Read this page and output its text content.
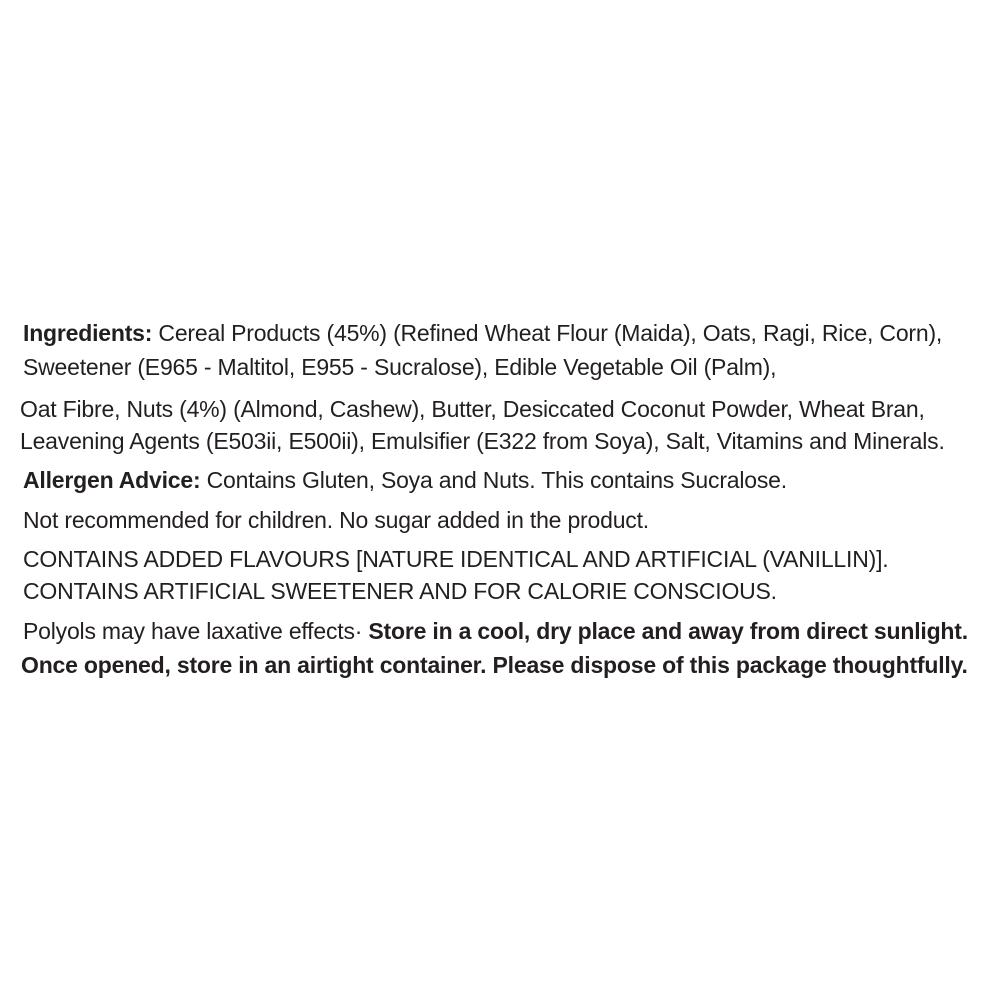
Ingredients: Cereal Products (45%) (Refined Wheat Flour (Maida), Oats, Ragi, Rice, Corn),
Sweetener (E965 - Maltitol, E955 - Sucralose), Edible Vegetable Oil (Palm),
Oat Fibre, Nuts (4%) (Almond, Cashew), Butter, Desiccated Coconut Powder, Wheat Bran,
Leavening Agents (E503ii, E500ii), Emulsifier (E322 from Soya), Salt, Vitamins and Minerals.
Allergen Advice: Contains Gluten, Soya and Nuts. This contains Sucralose.
Not recommended for children. No sugar added in the product.
CONTAINS ADDED FLAVOURS [NATURE IDENTICAL AND ARTIFICIAL (VANILLIN)].
CONTAINS ARTIFICIAL SWEETENER AND FOR CALORIE CONSCIOUS.
Polyols may have laxative effects· Store in a cool, dry place and away from direct sunlight.
Once opened, store in an airtight container. Please dispose of this package thoughtfully.
